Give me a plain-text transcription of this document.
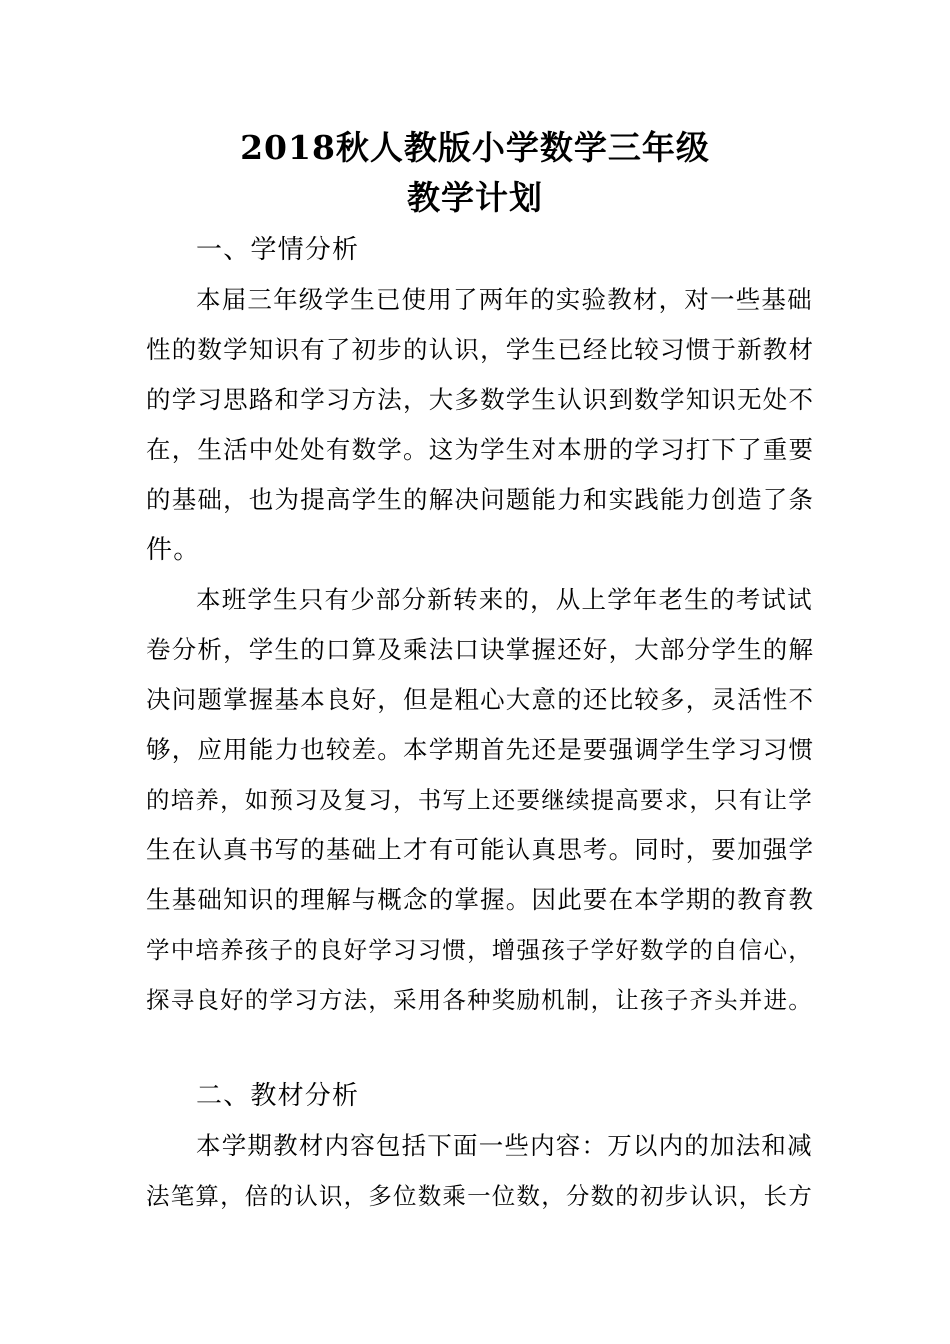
2018秋人教版小学数学三年级
教学计划
一、学情分析
本届三年级学生已使用了两年的实验教材，对一些基础
性的数学知识有了初步的认识，学生已经比较习惯于新教材
的学习思路和学习方法，大多数学生认识到数学知识无处不
在，生活中处处有数学。这为学生对本册的学习打下了重要
的基础，也为提高学生的解决问题能力和实践能力创造了条
件。
本班学生只有少部分新转来的，从上学年老生的考试试
卷分析，学生的口算及乘法口诀掌握还好，大部分学生的解
决问题掌握基本良好，但是粗心大意的还比较多，灵活性不
够，应用能力也较差。本学期首先还是要强调学生学习习惯
的培养，如预习及复习，书写上还要继续提高要求，只有让学
生在认真书写的基础上才有可能认真思考。同时，要加强学
生基础知识的理解与概念的掌握。因此要在本学期的教育教
学中培养孩子的良好学习习惯，增强孩子学好数学的自信心，
探寻良好的学习方法，采用各种奖励机制，让孩子齐头并进。
二、教材分析
本学期教材内容包括下面一些内容：万以内的加法和减
法笔算，倍的认识，多位数乘一位数，分数的初步认识，长方
